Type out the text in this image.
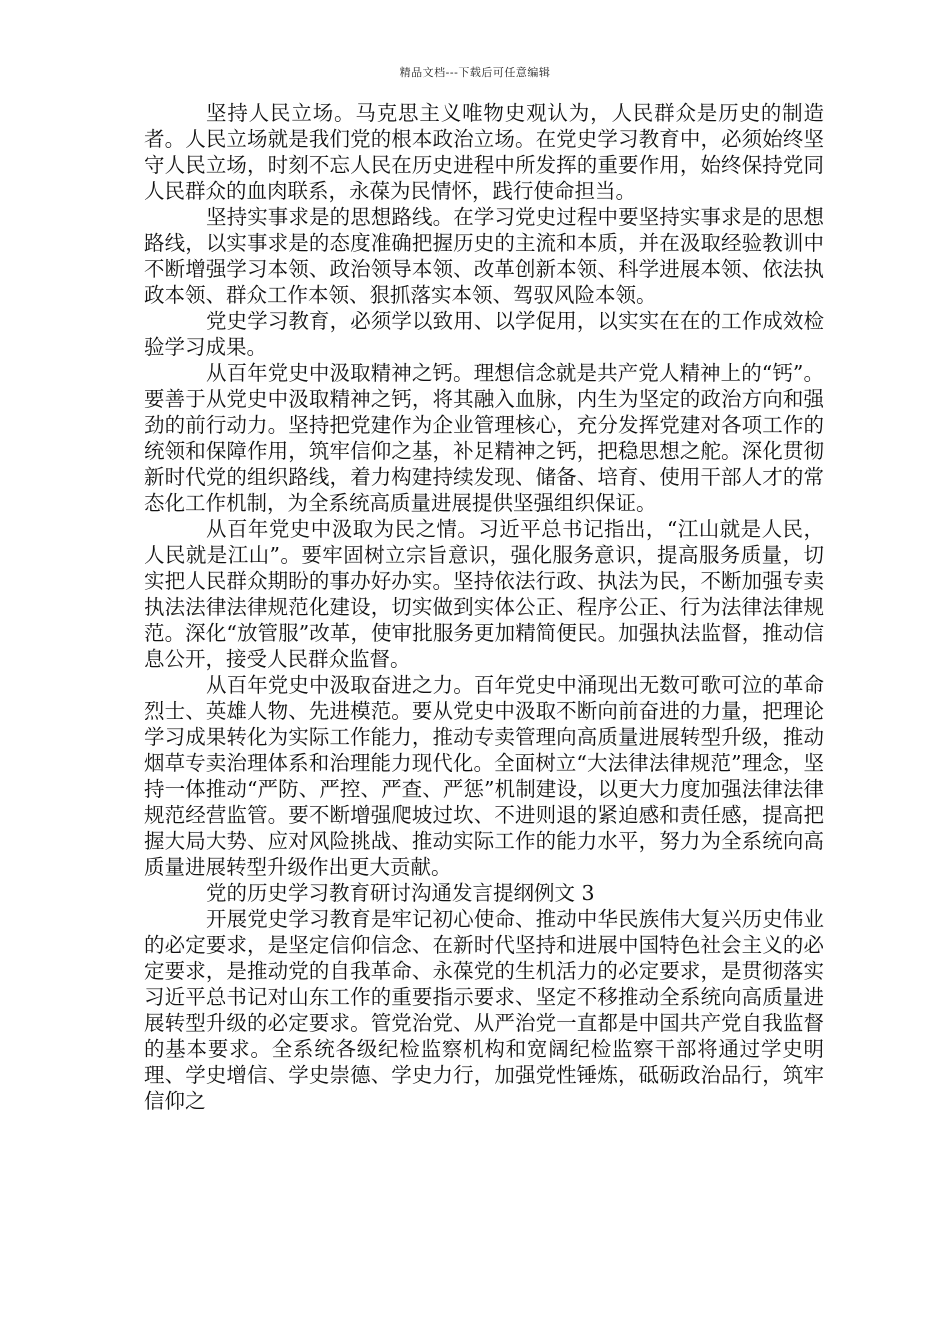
精品文档---下载后可任意编辑

坚持人民立场。马克思主义唯物史观认为，人民群众是历史的制造者。人民立场就是我们党的根本政治立场。在党史学习教育中，必须始终坚守人民立场，时刻不忘人民在历史进程中所发挥的重要作用，始终保持党同人民群众的血肉联系，永葆为民情怀，践行使命担当。

坚持实事求是的思想路线。在学习党史过程中要坚持实事求是的思想路线，以实事求是的态度准确把握历史的主流和本质，并在汲取经验教训中不断增强学习本领、政治领导本领、改革创新本领、科学进展本领、依法执政本领、群众工作本领、狠抓落实本领、驾驭风险本领。

党史学习教育，必须学以致用、以学促用，以实实在在的工作成效检验学习成果。

从百年党史中汲取精神之钙。理想信念就是共产党人精神上的“钙”。要善于从党史中汲取精神之钙，将其融入血脉，内生为坚定的政治方向和强劲的前行动力。坚持把党建作为企业管理核心，充分发挥党建对各项工作的统领和保障作用，筑牢信仰之基，补足精神之钙，把稳思想之舵。深化贯彻新时代党的组织路线，着力构建持续发现、储备、培育、使用干部人才的常态化工作机制，为全系统高质量进展提供坚强组织保证。

从百年党史中汲取为民之情。习近平总书记指出，“江山就是人民，人民就是江山”。要牢固树立宗旨意识，强化服务意识，提高服务质量，切实把人民群众期盼的事办好办实。坚持依法行政、执法为民，不断加强专卖执法法律法律规范化建设，切实做到实体公正、程序公正、行为法律法律规范。深化“放管服”改革，使审批服务更加精简便民。加强执法监督，推动信息公开，接受人民群众监督。

从百年党史中汲取奋进之力。百年党史中涌现出无数可歌可泣的革命烈士、英雄人物、先进模范。要从党史中汲取不断向前奋进的力量，把理论学习成果转化为实际工作能力，推动专卖管理向高质量进展转型升级，推动烟草专卖治理体系和治理能力现代化。全面树立“大法律法律规范”理念，坚持一体推动“严防、严控、严查、严惩”机制建设，以更大力度加强法律法律规范经营监管。要不断增强爬坡过坎、不进则退的紧迫感和责任感，提高把握大局大势、应对风险挑战、推动实际工作的能力水平，努力为全系统向高质量进展转型升级作出更大贡献。

党的历史学习教育研讨沟通发言提纲例文 3

开展党史学习教育是牢记初心使命、推动中华民族伟大复兴历史伟业的必定要求，是坚定信仰信念、在新时代坚持和进展中国特色社会主义的必定要求，是推动党的自我革命、永葆党的生机活力的必定要求，是贯彻落实习近平总书记对山东工作的重要指示要求、坚定不移推动全系统向高质量进展转型升级的必定要求。管党治党、从严治党一直都是中国共产党自我监督的基本要求。全系统各级纪检监察机构和宽阔纪检监察干部将通过学史明理、学史增信、学史崇德、学史力行，加强党性锤炼，砥砺政治品行，筑牢信仰之
